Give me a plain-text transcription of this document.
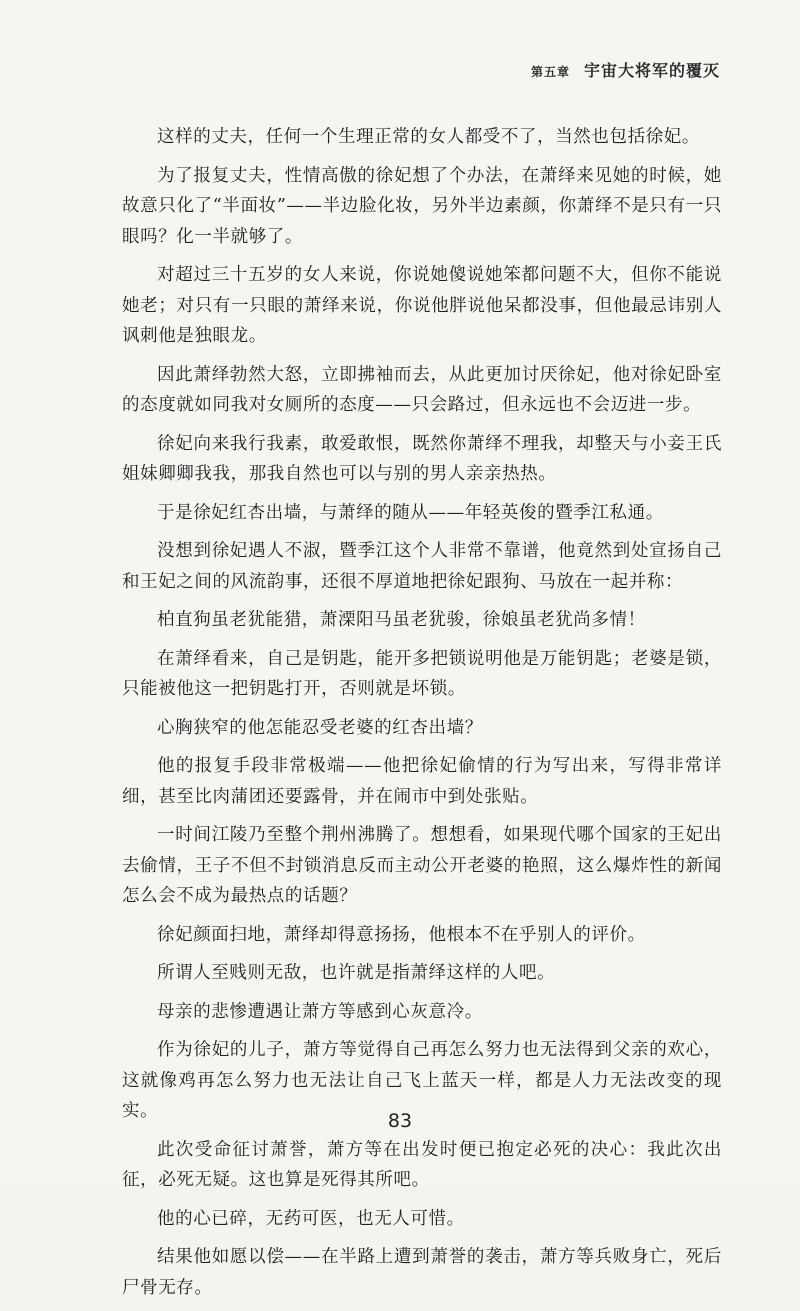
第五章 宇宙大将军的覆灭

这样的丈夫，任何一个生理正常的女人都受不了，当然也包括徐妃。

为了报复丈夫，性情高傲的徐妃想了个办法，在萧绎来见她的时候，她故意只化了“半面妆”——半边脸化妆，另外半边素颜，你萧绎不是只有一只眼吗？化一半就够了。

对超过三十五岁的女人来说，你说她傻说她笨都问题不大，但你不能说她老；对只有一只眼的萧绎来说，你说他胖说他呆都没事，但他最忌讳别人讽刺他是独眼龙。

因此萧绎勃然大怒，立即拂袖而去，从此更加讨厌徐妃，他对徐妃卧室的态度就如同我对女厕所的态度——只会路过，但永远也不会迈进一步。

徐妃向来我行我素，敢爱敢恨，既然你萧绎不理我，却整天与小妾王氏姐妹卿卿我我，那我自然也可以与别的男人亲亲热热。

于是徐妃红杏出墙，与萧绎的随从——年轻英俊的暨季江私通。

没想到徐妃遇人不淑，暨季江这个人非常不靠谱，他竟然到处宣扬自己和王妃之间的风流韵事，还很不厚道地把徐妃跟狗、马放在一起并称：

柏直狗虽老犹能猎，萧溧阳马虽老犹骏，徐娘虽老犹尚多情！

在萧绎看来，自己是钥匙，能开多把锁说明他是万能钥匙；老婆是锁，只能被他这一把钥匙打开，否则就是坏锁。

心胸狭窄的他怎能忍受老婆的红杏出墙？

他的报复手段非常极端——他把徐妃偷情的行为写出来，写得非常详细，甚至比肉蒲团还要露骨，并在闹市中到处张贴。

一时间江陵乃至整个荆州沸腾了。想想看，如果现代哪个国家的王妃出去偷情，王子不但不封锁消息反而主动公开老婆的艳照，这么爆炸性的新闻怎么会不成为最热点的话题？

徐妃颜面扫地，萧绎却得意扬扬，他根本不在乎别人的评价。

所谓人至贱则无敌，也许就是指萧绎这样的人吧。

母亲的悲惨遭遇让萧方等感到心灰意冷。

作为徐妃的儿子，萧方等觉得自己再怎么努力也无法得到父亲的欢心，这就像鸡再怎么努力也无法让自己飞上蓝天一样，都是人力无法改变的现实。

此次受命征讨萧誉，萧方等在出发时便已抱定必死的决心：我此次出征，必死无疑。这也算是死得其所吧。

他的心已碎，无药可医，也无人可惜。

结果他如愿以偿——在半路上遭到萧誉的袭击，萧方等兵败身亡，死后尸骨无存。

83
